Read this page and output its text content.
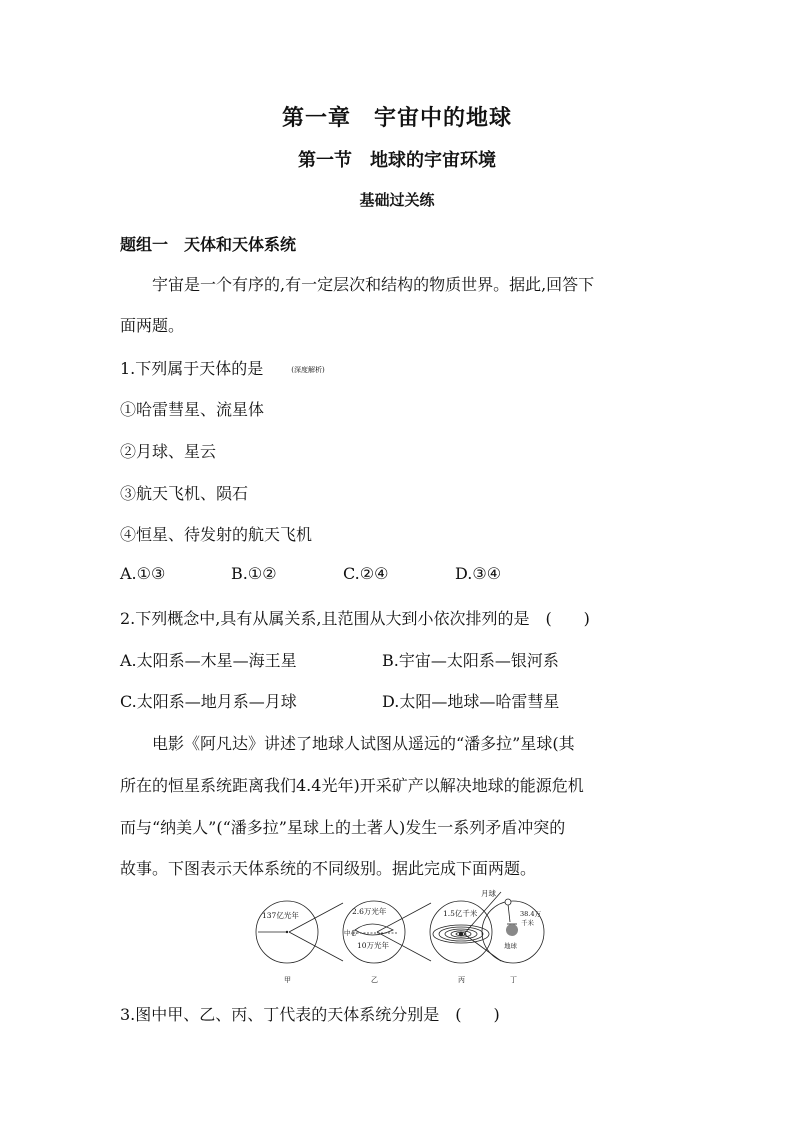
第一章　宇宙中的地球
第一节　地球的宇宙环境
基础过关练
题组一　天体和天体系统
宇宙是一个有序的,有一定层次和结构的物质世界。据此,回答下
面两题。
1.下列属于天体的是	(深度解析)
①哈雷彗星、流星体
②月球、星云
③航天飞机、陨石
④恒星、待发射的航天飞机
A.①③	B.①②	C.②④	D.③④
2.下列概念中,具有从属关系,且范围从大到小依次排列的是　(　　)
A.太阳系—木星—海王星	B.宇宙—太阳系—银河系
C.太阳系—地月系—月球	D.太阳—地球—哈雷彗星
电影《阿凡达》讲述了地球人试图从遥远的“潘多拉”星球(其
所在的恒星系统距离我们4.4光年)开采矿产以解决地球的能源危机
而与“纳美人”(“潘多拉”星球上的土著人)发生一系列矛盾冲突的
故事。下图表示天体系统的不同级别。据此完成下面两题。
137亿光年	2.6万光年
中心
10万光年
1.5亿千米
月球
38.4万
千米
地球
甲	乙	丙	丁
3.图中甲、乙、丙、丁代表的天体系统分别是　(　　)
